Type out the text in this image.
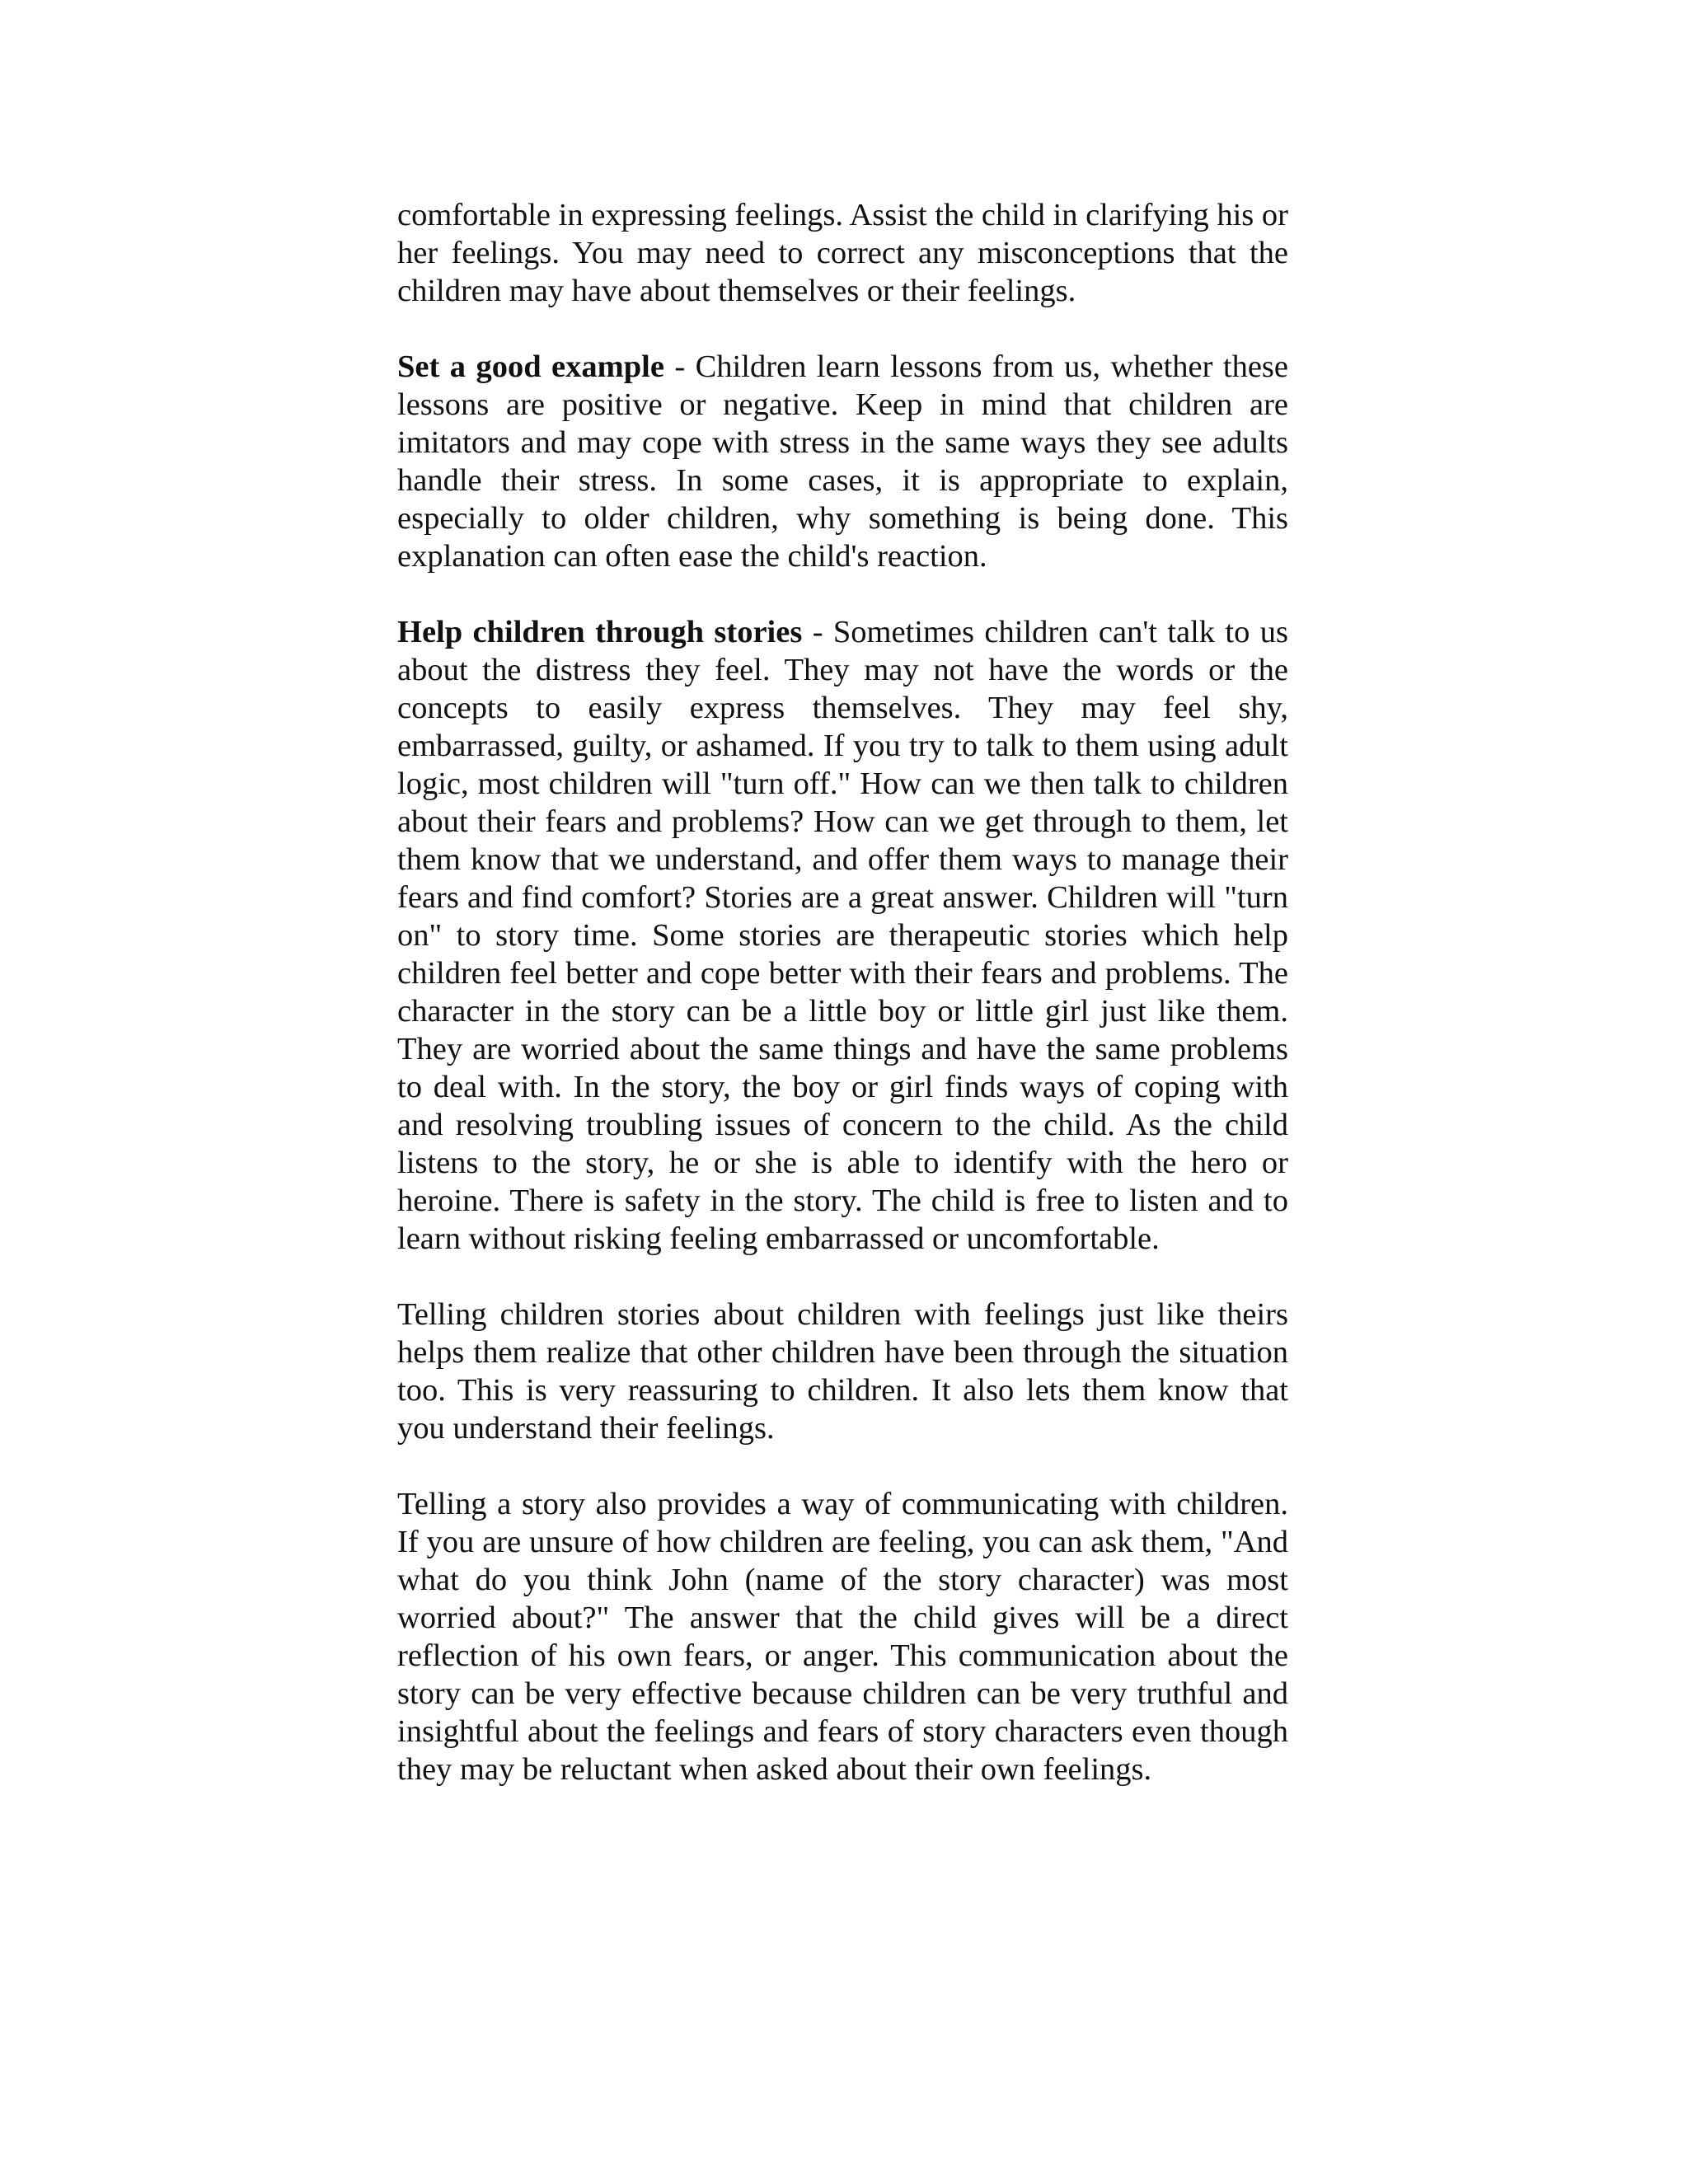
comfortable in expressing feelings. Assist the child in clarifying his or her feelings. You may need to correct any misconceptions that the children may have about themselves or their feelings.

Set a good example - Children learn lessons from us, whether these lessons are positive or negative. Keep in mind that children are imitators and may cope with stress in the same ways they see adults handle their stress. In some cases, it is appropriate to explain, especially to older children, why something is being done. This explanation can often ease the child's reaction.

Help children through stories - Sometimes children can't talk to us about the distress they feel. They may not have the words or the concepts to easily express themselves. They may feel shy, embarrassed, guilty, or ashamed. If you try to talk to them using adult logic, most children will "turn off." How can we then talk to children about their fears and problems? How can we get through to them, let them know that we understand, and offer them ways to manage their fears and find comfort? Stories are a great answer. Children will "turn on" to story time. Some stories are therapeutic stories which help children feel better and cope better with their fears and problems. The character in the story can be a little boy or little girl just like them. They are worried about the same things and have the same problems to deal with. In the story, the boy or girl finds ways of coping with and resolving troubling issues of concern to the child. As the child listens to the story, he or she is able to identify with the hero or heroine. There is safety in the story. The child is free to listen and to learn without risking feeling embarrassed or uncomfortable.

Telling children stories about children with feelings just like theirs helps them realize that other children have been through the situation too. This is very reassuring to children. It also lets them know that you understand their feelings.

Telling a story also provides a way of communicating with children. If you are unsure of how children are feeling, you can ask them, "And what do you think John (name of the story character) was most worried about?" The answer that the child gives will be a direct reflection of his own fears, or anger. This communication about the story can be very effective because children can be very truthful and insightful about the feelings and fears of story characters even though they may be reluctant when asked about their own feelings.
